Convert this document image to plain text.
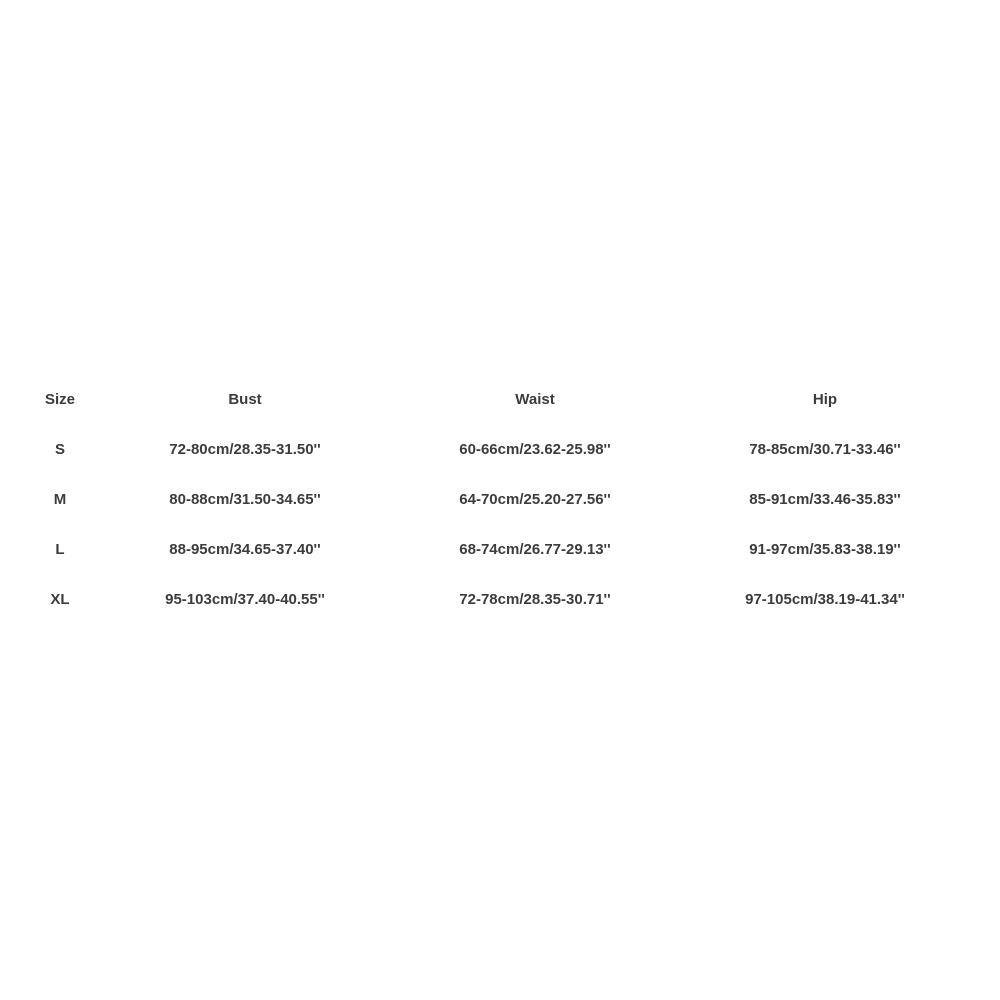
Size	Bust	Waist	Hip
S	72-80cm/28.35-31.50''	60-66cm/23.62-25.98''	78-85cm/30.71-33.46''
M	80-88cm/31.50-34.65''	64-70cm/25.20-27.56''	85-91cm/33.46-35.83''
L	88-95cm/34.65-37.40''	68-74cm/26.77-29.13''	91-97cm/35.83-38.19''
XL	95-103cm/37.40-40.55''	72-78cm/28.35-30.71''	97-105cm/38.19-41.34''
